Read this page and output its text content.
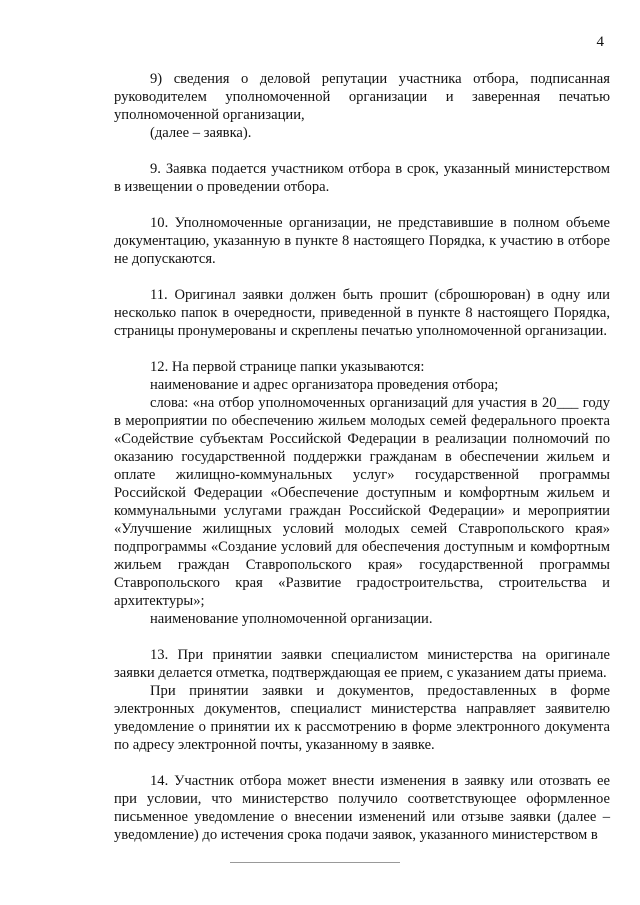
4

9) сведения о деловой репутации участника отбора, подписанная руководителем уполномоченной организации и заверенная печатью уполномоченной организации,

(далее – заявка).

9. Заявка подается участником отбора в срок, указанный министерством в извещении о проведении отбора.

10. Уполномоченные организации, не представившие в полном объеме документацию, указанную в пункте 8 настоящего Порядка, к участию в отборе не допускаются.

11. Оригинал заявки должен быть прошит (сброшюрован) в одну или несколько папок в очередности, приведенной в пункте 8 настоящего Порядка, страницы пронумерованы и скреплены печатью уполномоченной организации.

12. На первой странице папки указываются:

наименование и адрес организатора проведения отбора;

слова: «на отбор уполномоченных организаций для участия в 20___ году в мероприятии по обеспечению жильем молодых семей федерального проекта «Содействие субъектам Российской Федерации в реализации полномочий по оказанию государственной поддержки гражданам в обеспечении жильем и оплате жилищно-коммунальных услуг» государственной программы Российской Федерации «Обеспечение доступным и комфортным жильем и коммунальными услугами граждан Российской Федерации» и мероприятии «Улучшение жилищных условий молодых семей Ставропольского края» подпрограммы «Создание условий для обеспечения доступным и комфортным жильем граждан Ставропольского края» государственной программы Ставропольского края «Развитие градостроительства, строительства и архитектуры»;

наименование уполномоченной организации.

13. При принятии заявки специалистом министерства на оригинале заявки делается отметка, подтверждающая ее прием, с указанием даты приема.

При принятии заявки и документов, предоставленных в форме электронных документов, специалист министерства направляет заявителю уведомление о принятии их к рассмотрению в форме электронного документа по адресу электронной почты, указанному в заявке.

14. Участник отбора может внести изменения в заявку или отозвать ее при условии, что министерство получило соответствующее оформленное письменное уведомление о внесении изменений или отзыве заявки (далее – уведомление) до истечения срока подачи заявок, указанного министерством в
